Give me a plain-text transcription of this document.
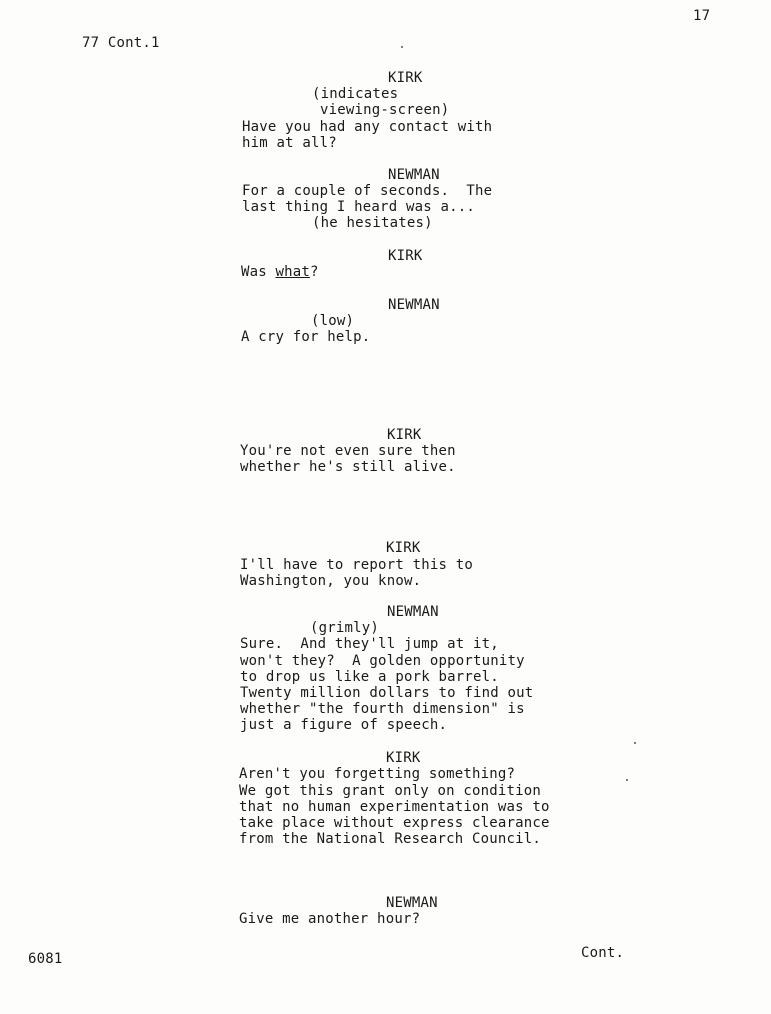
17
77 Cont.1
KIRK
(indicates
viewing-screen)
Have you had any contact with
him at all?
NEWMAN
For a couple of seconds.  The
last thing I heard was a...
(he hesitates)
KIRK
Was what?
NEWMAN
(low)
A cry for help.
KIRK
You're not even sure then
whether he's still alive.
KIRK
I'll have to report this to
Washington, you know.
NEWMAN
(grimly)
Sure.  And they'll jump at it,
won't they?  A golden opportunity
to drop us like a pork barrel.
Twenty million dollars to find out
whether "the fourth dimension" is
just a figure of speech.
KIRK
Aren't you forgetting something?
We got this grant only on condition
that no human experimentation was to
take place without express clearance
from the National Research Council.
NEWMAN
Give me another hour?
6081	Cont.
